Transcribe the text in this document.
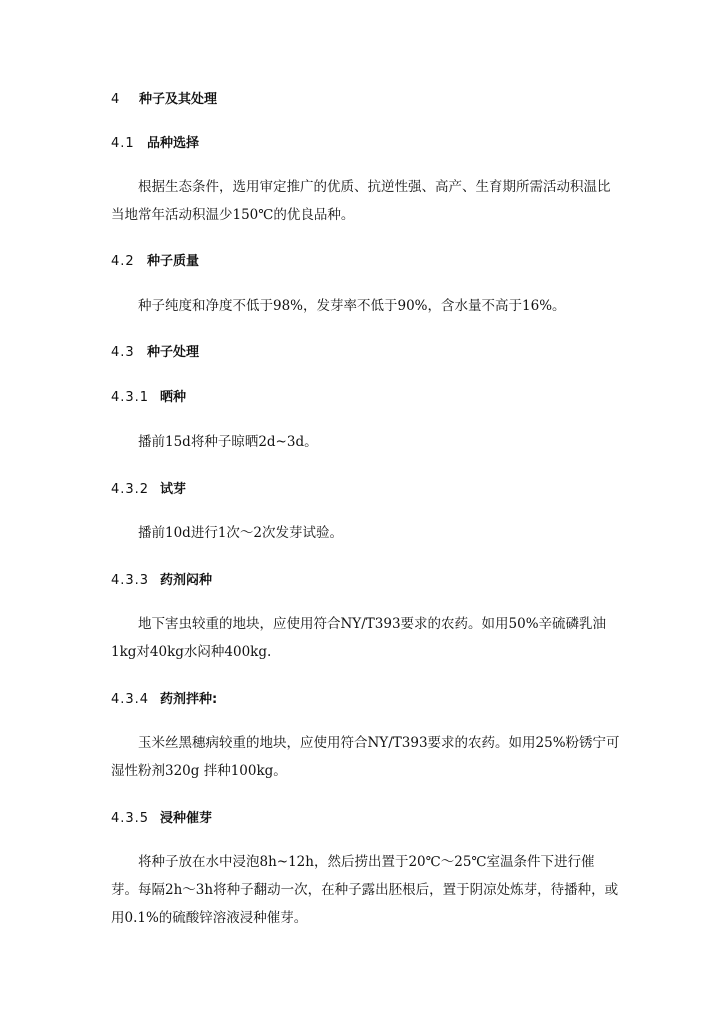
4 种子及其处理
4.1 品种选择

根据生态条件，选用审定推广的优质、抗逆性强、高产、生育期所需活动积温比当地常年活动积温少150℃的优良品种。

4.2 种子质量

种子纯度和净度不低于98%，发芽率不低于90%，含水量不高于16%。

4.3 种子处理
4.3.1 晒种

播前15d将种子晾晒2d~3d。

4.3.2 试芽

播前10d进行1次～2次发芽试验。

4.3.3 药剂闷种

地下害虫较重的地块，应使用符合NY/T393要求的农药。如用50%辛硫磷乳油1kg对40kg水闷种400kg.

4.3.4 药剂拌种:

玉米丝黑穗病较重的地块，应使用符合NY/T393要求的农药。如用25%粉锈宁可湿性粉剂320g 拌种100kg。

4.3.5 浸种催芽

将种子放在水中浸泡8h~12h，然后捞出置于20℃～25℃室温条件下进行催芽。每隔2h～3h将种子翻动一次，在种子露出胚根后，置于阴凉处炼芽，待播种，或用0.1%的硫酸锌溶液浸种催芽。
